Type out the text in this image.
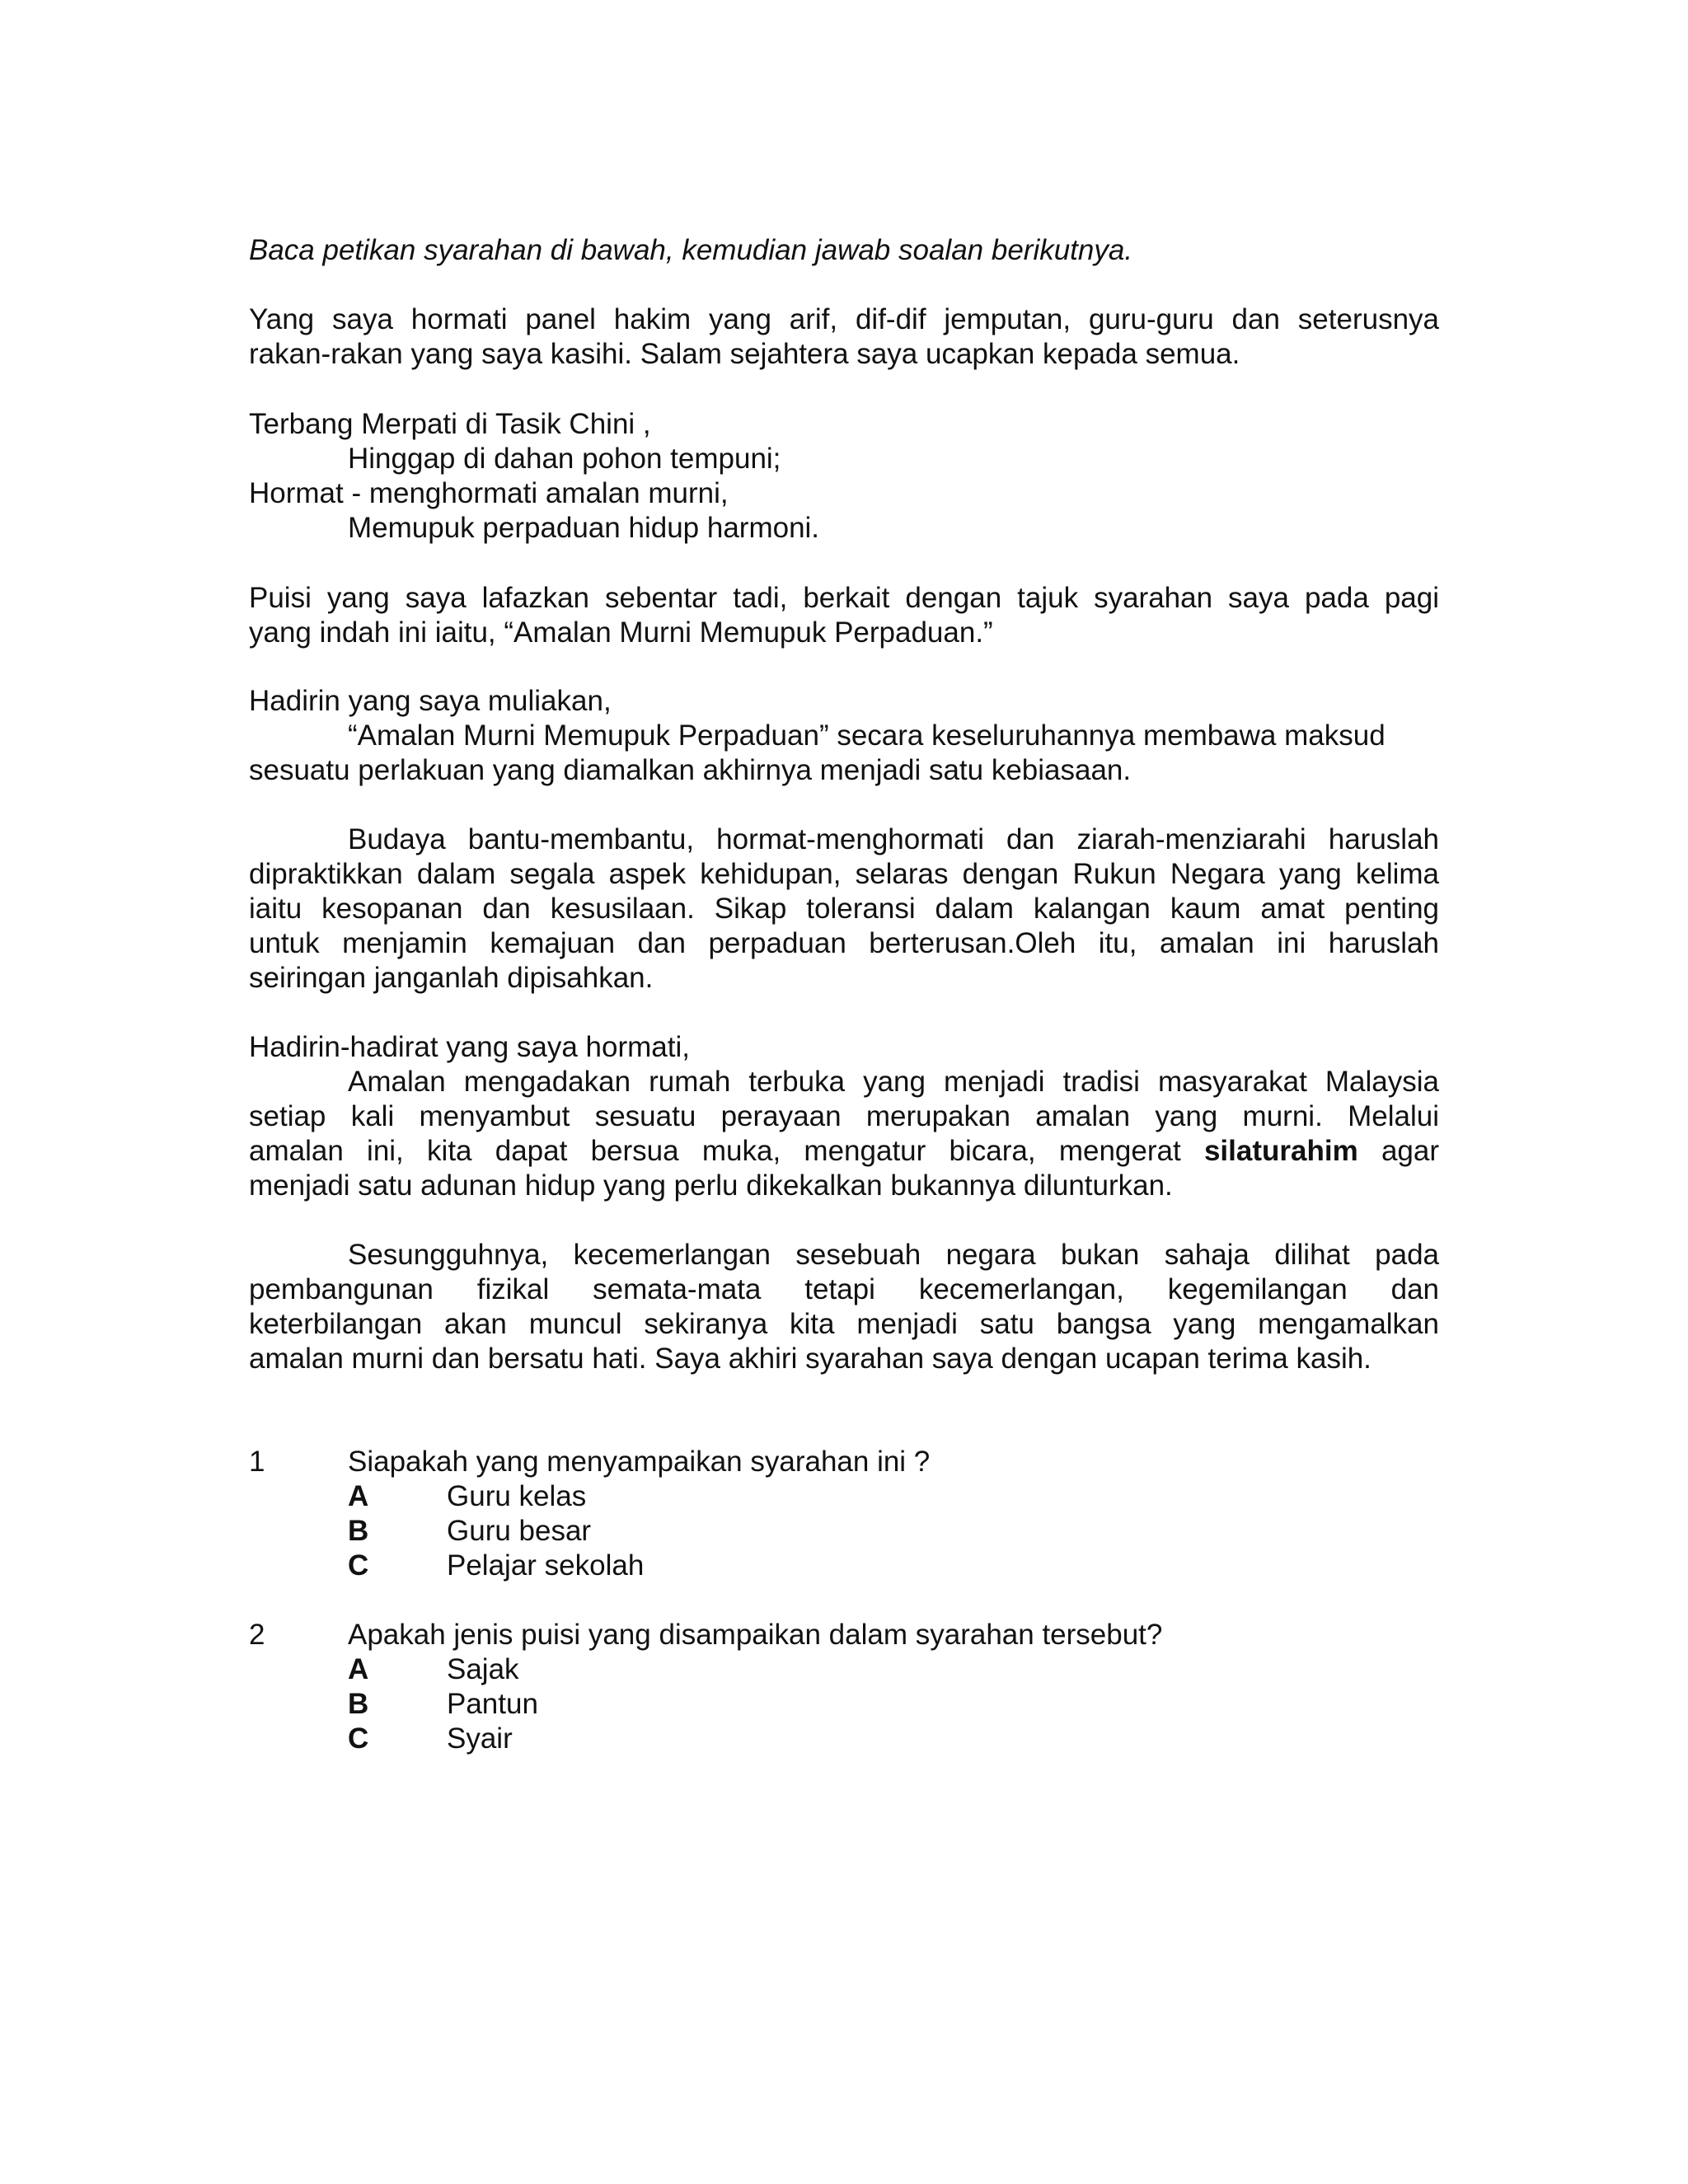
Baca petikan syarahan di bawah, kemudian jawab soalan berikutnya.

Yang saya hormati panel hakim yang arif, dif-dif jemputan, guru-guru dan seterusnya
rakan-rakan yang saya kasihi. Salam sejahtera saya ucapkan kepada semua.
Terbang Merpati di Tasik Chini ,
Hinggap di dahan pohon tempuni;
Hormat - menghormati amalan murni,
Memupuk perpaduan hidup harmoni.
Puisi yang saya lafazkan sebentar tadi, berkait dengan tajuk syarahan saya pada pagi
yang indah ini iaitu, “Amalan Murni Memupuk Perpaduan.”

Hadirin yang saya muliakan,

“Amalan Murni Memupuk Perpaduan” secara keseluruhannya membawa maksud
sesuatu perlakuan yang diamalkan akhirnya menjadi satu kebiasaan.
Budaya bantu-membantu, hormat-menghormati dan ziarah-menziarahi haruslah
dipraktikkan dalam segala aspek kehidupan, selaras dengan Rukun Negara yang kelima
iaitu kesopanan dan kesusilaan. Sikap toleransi dalam kalangan kaum amat penting
untuk menjamin kemajuan dan perpaduan berterusan.Oleh itu, amalan ini haruslah
seiringan janganlah dipisahkan.

Hadirin-hadirat yang saya hormati,

Amalan mengadakan rumah terbuka yang menjadi tradisi masyarakat Malaysia
setiap kali menyambut sesuatu perayaan merupakan amalan yang murni. Melalui
amalan ini, kita dapat bersua muka, mengatur bicara, mengerat silaturahim agar
menjadi satu adunan hidup yang perlu dikekalkan bukannya dilunturkan.
Sesungguhnya, kecemerlangan sesebuah negara bukan sahaja dilihat pada
pembangunan fizikal semata-mata tetapi kecemerlangan, kegemilangan dan
keterbilangan akan muncul sekiranya kita menjadi satu bangsa yang mengamalkan
amalan murni dan bersatu hati. Saya akhiri syarahan saya dengan ucapan terima kasih.
1	Siapakah yang menyampaikan syarahan ini ?
A	Guru kelas
B	Guru besar
C	Pelajar sekolah
2	Apakah jenis puisi yang disampaikan dalam syarahan tersebut?
A	Sajak
B	Pantun
C	Syair
